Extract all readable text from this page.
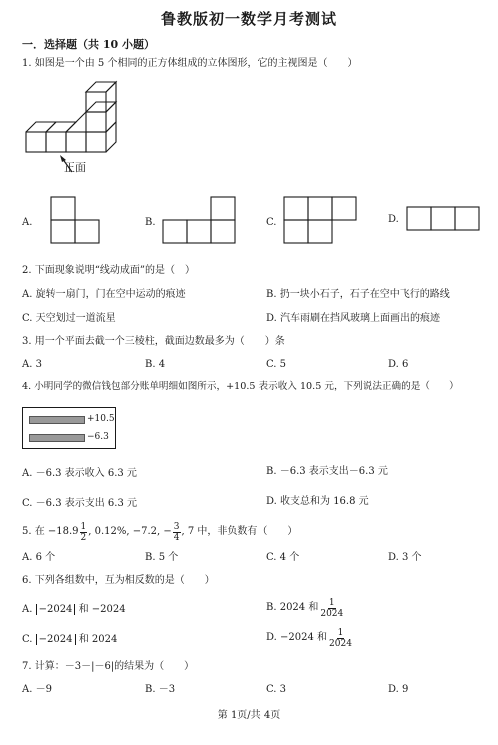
鲁教版初一数学月考测试
一．选择题（共 10 小题）
1. 如图是一个由 5 个相同的正方体组成的立体图形，它的主视图是（　　）
正面
A.	B.	C.	D.
2. 下面现象说明“线动成面”的是（　）
A. 旋转一扇门，门在空中运动的痕迹	B. 扔一块小石子，石子在空中飞行的路线
C. 天空划过一道流星	D. 汽车雨刷在挡风玻璃上面画出的痕迹
3. 用一个平面去截一个三棱柱，截面边数最多为（　　）条
A. 3	B. 4	C. 5	D. 6
4. 小明同学的微信钱包部分账单明细如图所示，+10.5 表示收入 10.5 元，下列说法正确的是（　　）
+10.5
−6.3
A. －6.3 表示收入 6.3 元	B. －6.3 表示支出－6.3 元
C. －6.3 表示支出 6.3 元	D. 收支总和为 16.8 元
5. 在 $-18.9 \frac{1}{2}$ , 0.12%, −7.2, − $\frac{3}{4}$ , 7 中，非负数有（　　）
A. 6 个	B. 5 个	C. 4 个	D. 3 个
6. 下列各组数中，互为相反数的是（　　）
A. −2024 和 −2024	B. 2024 和 $\frac{1}{2024}$
C. −2024 和 2024	D. −2024 和 $\frac{1}{2024}$
7. 计算：－3－|－6|的结果为（　　）
A. －9	B. －3	C. 3	D. 9
第 1页/共 4页
